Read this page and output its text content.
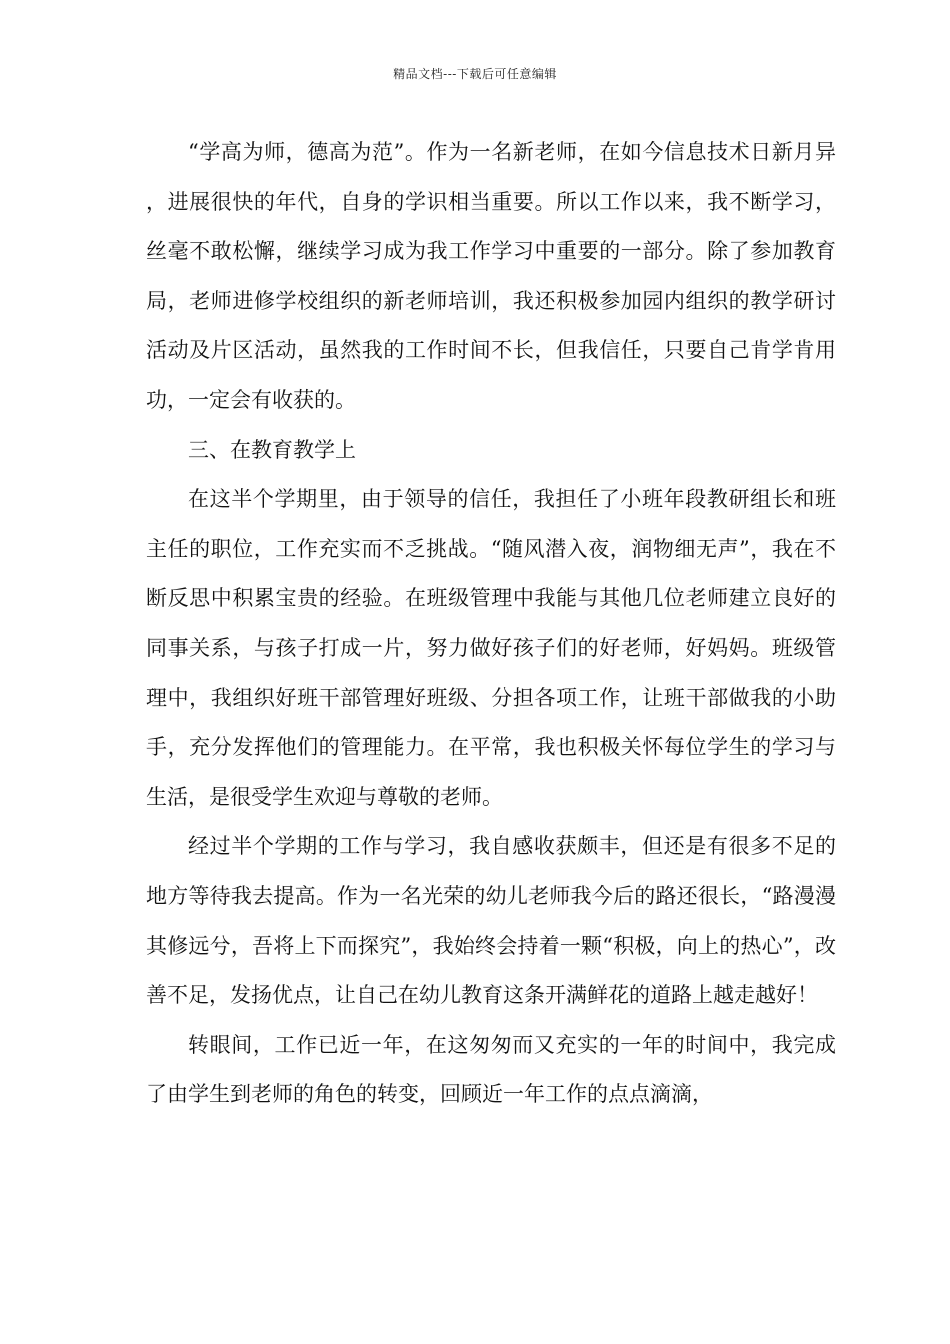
精品文档---下载后可任意编辑

“学高为师，德高为范”。作为一名新老师，在如今信息技术日新月异，进展很快的年代，自身的学识相当重要。所以工作以来，我不断学习，丝毫不敢松懈，继续学习成为我工作学习中重要的一部分。除了参加教育局，老师进修学校组织的新老师培训，我还积极参加园内组织的教学研讨活动及片区活动，虽然我的工作时间不长，但我信任，只要自己肯学肯用功，一定会有收获的。

三、在教育教学上

在这半个学期里，由于领导的信任，我担任了小班年段教研组长和班主任的职位，工作充实而不乏挑战。“随风潜入夜，润物细无声”，我在不断反思中积累宝贵的经验。在班级管理中我能与其他几位老师建立良好的同事关系，与孩子打成一片，努力做好孩子们的好老师，好妈妈。班级管理中，我组织好班干部管理好班级、分担各项工作，让班干部做我的小助手，充分发挥他们的管理能力。在平常，我也积极关怀每位学生的学习与生活，是很受学生欢迎与尊敬的老师。

经过半个学期的工作与学习，我自感收获颇丰，但还是有很多不足的地方等待我去提高。作为一名光荣的幼儿老师我今后的路还很长，“路漫漫其修远兮，吾将上下而探究”，我始终会持着一颗“积极，向上的热心”，改善不足，发扬优点，让自己在幼儿教育这条开满鲜花的道路上越走越好！

转眼间，工作已近一年，在这匆匆而又充实的一年的时间中，我完成了由学生到老师的角色的转变，回顾近一年工作的点点滴滴，
